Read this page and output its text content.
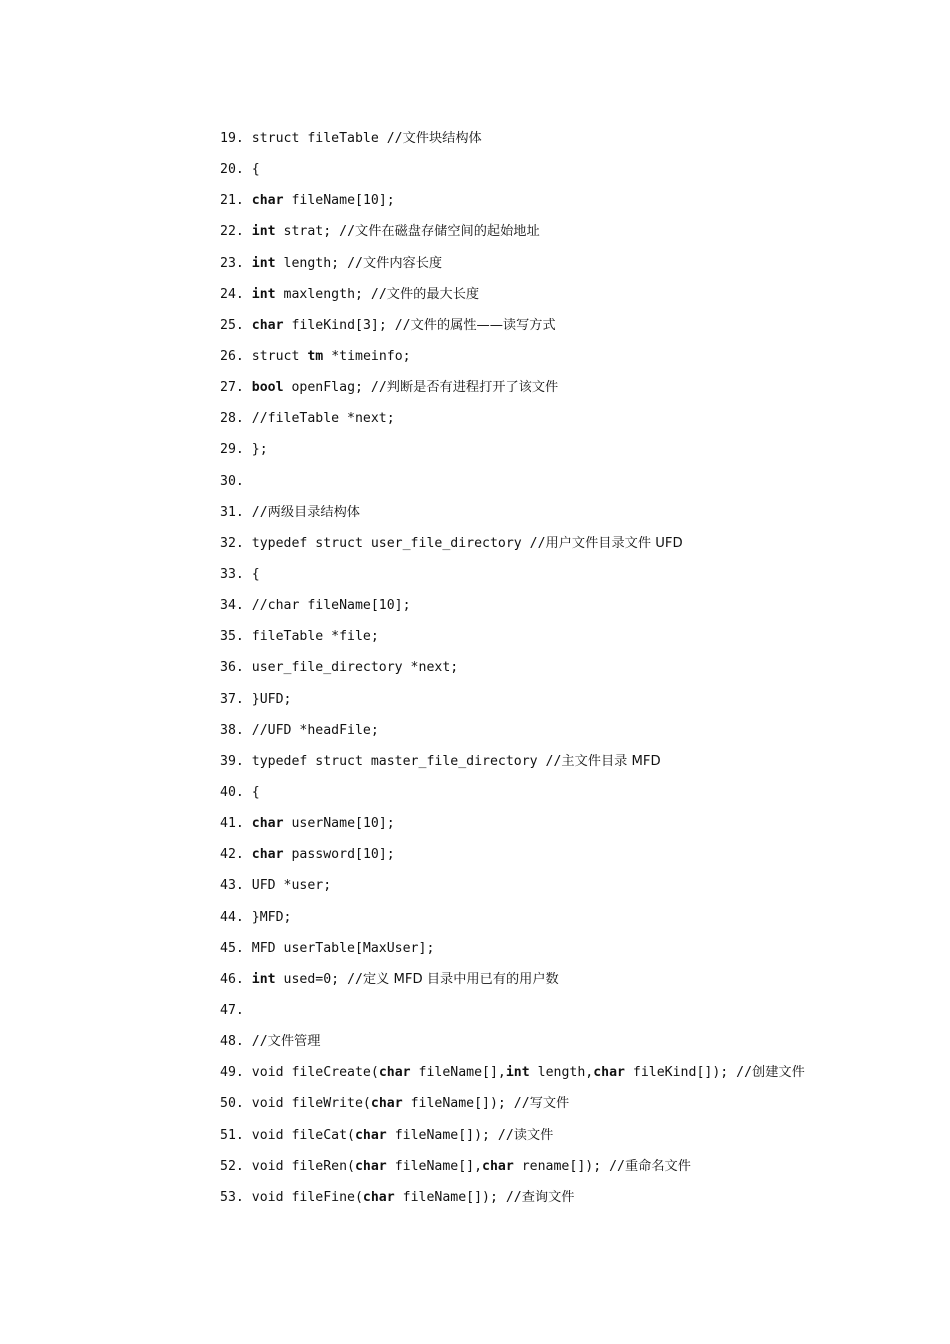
19. struct fileTable //文件块结构体
20. {
21. char fileName[10];
22. int strat; //文件在磁盘存储空间的起始地址
23. int length; //文件内容长度
24. int maxlength; //文件的最大长度
25. char fileKind[3]; //文件的属性——读写方式
26. struct tm *timeinfo;
27. bool openFlag; //判断是否有进程打开了该文件
28. //fileTable *next;
29. };
30.
31. //两级目录结构体
32. typedef struct user_file_directory //用户文件目录文件 UFD
33. {
34. //char fileName[10];
35. fileTable *file;
36. user_file_directory *next;
37. }UFD;
38. //UFD *headFile;
39. typedef struct master_file_directory //主文件目录 MFD
40. {
41. char userName[10];
42. char password[10];
43. UFD *user;
44. }MFD;
45. MFD userTable[MaxUser];
46. int used=0; //定义 MFD 目录中用已有的用户数
47.
48. //文件管理
49. void fileCreate(char fileName[],int length,char fileKind[]); //创建文件
50. void fileWrite(char fileName[]); //写文件
51. void fileCat(char fileName[]); //读文件
52. void fileRen(char fileName[],char rename[]); //重命名文件
53. void fileFine(char fileName[]); //查询文件
